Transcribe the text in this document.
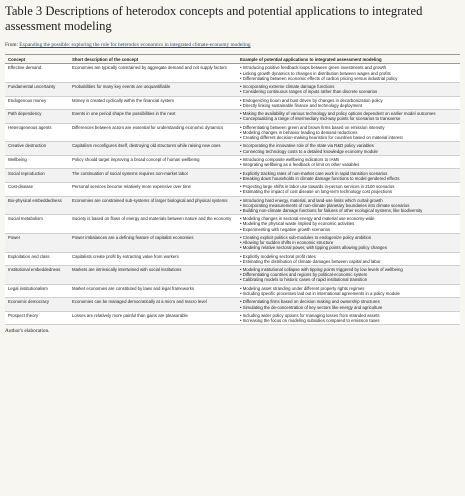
Table 3 Descriptions of heterodox concepts and potential applications to integrated assessment modeling
From: Expanding the possible: exploring the role for heterodox economics in integrated climate-economy modeling
Concept	Short description of the concept	Example of potential applications to integrated assessment modeling
Effective demand	Economies are typically constrained by aggregate demand and not supply factors	• Introducing positive feedback loops between green investments and growth
• Linking growth dynamics to changes in distribution between wages and profits
• Differentiating between economic effects of carbon pricing versus industrial policy

Fundamental uncertainty	Probabilities for many key events are unquantifiable	• Incorporating extreme climate damage functions
• Considering continuous ranges of inputs rather than discrete scenarios

Endogenous money	Money is created cyclically within the financial system	• Endogenizing boom and bust driven by changes in decarbonization policy
• Directly linking sustainable finance and technology deployment

Path dependency	Events in one period shape the possibilities in the next	• Making the availability of various technology and policy options dependent on earlier model outcomes
• Conceptualizing a range of intermediary mid-way points for scenarios to transverse

Heterogeneous agents	Differences between actors are essential for understanding economic dynamics	• Differentiating between green and brown firms based on emission intensity
• Modeling changes in behavior leading to demand reductions
• Creating different decision-making heuristics for countries based on material interest

Creative destruction	Capitalism reconfigures itself, destroying old structures while raising new ones	• Incorporating the innovative role of the state via R&D policy variables
• Connecting technology costs to a detailed knowledge economy module

Wellbeing	Policy should target improving a broad concept of human wellbeing	• Introducing composite wellbeing indicators to IAMs
• Integrating wellbeing as a feedback or limit on other variables

Social reproduction	The continuation of social systems requires non-market labor	• Explicitly tracking rates of non-market care work in rapid transition scenarios
• Breaking down households in climate damage functions to model gendered effects

Cost-disease	Personal services become relatively more expensive over time	• Projecting large shifts in labor use towards in-person services in 2100 scenarios
• Estimating the impact of cost disease on long-term technology cost projections

Bio-physical embeddedness	Economies are constrained sub-systems of larger biological and physical systems	• Introducing hard energy, material, and land-use limits which curtail growth
• Incorporating measurements of non-climate planetary boundaries into climate scenarios
• Building non-climate damage functions for failures of other ecological systems, like biodiversity

Social metabolism	Society is based on flows of energy and materials between nature and the economy	• Modeling changes in sectoral energy and material use economy-wide
• Modeling the physical waste implied by economic activities
• Experimenting with negative growth scenarios

Power	Power imbalances are a defining feature of capitalist economies	• Creating explicit politics sub-modules to endogenize policy ambition
• Allowing for sudden shifts in economic structure
• Modeling relative sectoral power, with tipping points allowing policy changes

Exploitation and class	Capitalists create profit by extracting value from workers	• Explicitly modeling sectoral profit rates
• Estimating the distribution of climate damages between capital and labor

Institutional embeddedness	Markets are intrinsically intertwined with social institutions	• Modeling institutional collapse with tipping points triggered by low levels of wellbeing
• Differentiating countries and regions by political-economic system
• Calibrating models to historic cases of rapid institutional transition

Legal institutionalism	Market economies are constituted by laws and legal frameworks	• Modeling asset stranding under different property rights regimes
• Including specific processes laid out in international agreements in a policy module

Economic democracy	Economies can be managed democratically at a micro and macro level	• Differentiating firms based on decision making and ownership structures
• Simulating the de-concentration of key sectors like energy and agriculture

Prospect theory	Losses are relatively more painful than gains are pleasurable	• Including wider policy options for managing losses from stranded assets
• Increasing the focus on modeling subsidies compared to emission taxes
Author's elaboration.
